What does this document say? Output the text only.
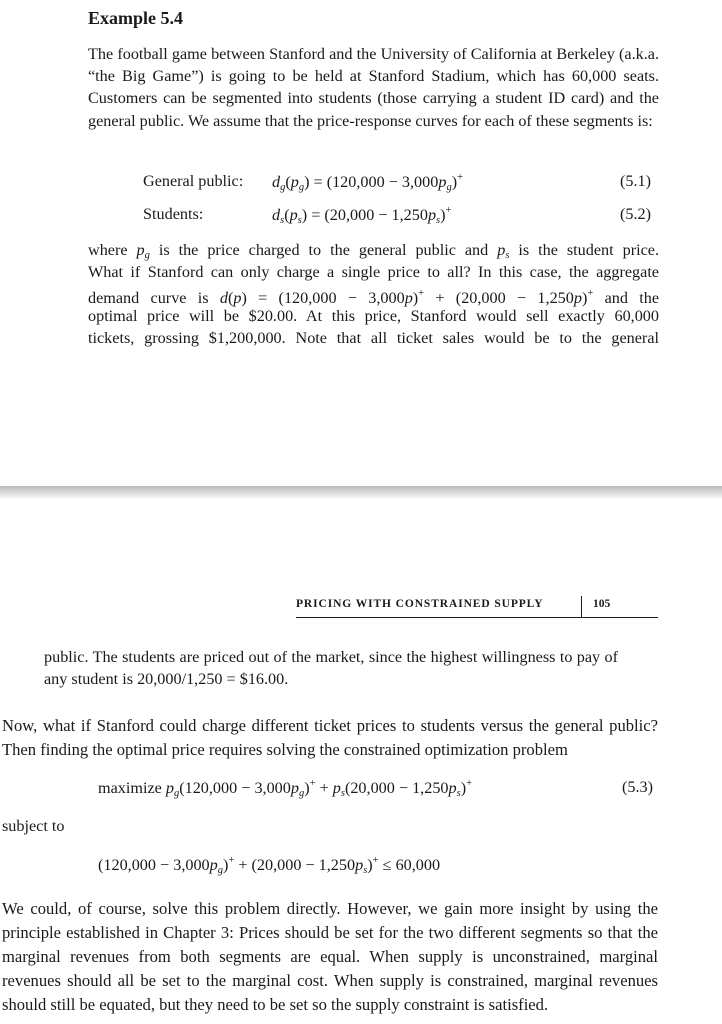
Example 5.4
The football game between Stanford and the University of California at Berkeley (a.k.a. “the Big Game”) is going to be held at Stanford Stadium, which has 60,000 seats. Customers can be segmented into students (those carrying a student ID card) and the general public. We assume that the price-response curves for each of these segments is:
General public: $d_g(p_g) = (120,000 - 3,000p_g)^+$	(5.1)
Students:	$d_s(p_s) = (20,000 - 1,250p_s)^+$	(5.2)
where $p_g$ is the price charged to the general public and $p_s$ is the student price.
What if Stanford can only charge a single price to all? In this case, the aggregate
demand curve is d(p) = (120,000 − 3,000p)+ + (20,000 − 1,250p)+ and the
optimal price will be $20.00. At this price, Stanford would sell exactly 60,000
tickets, grossing $1,200,000. Note that all ticket sales would be to the general
PRICING WITH CONSTRAINED SUPPLY	105
public. The students are priced out of the market, since the highest willingness to pay of any student is 20,000/1,250 = $16.00.
Now, what if Stanford could charge different ticket prices to students versus the general public? Then finding the optimal price requires solving the constrained optimization problem
maximize $p_g(120,000 - 3,000p_g)^+ + p_s(20,000 - 1,250p_s)^+$	(5.3)
subject to
$(120,000 - 3,000p_g)^+ + (20,000 - 1,250p_s)^+ \le 60,000$
We could, of course, solve this problem directly. However, we gain more insight by using the principle established in Chapter 3: Prices should be set for the two different segments so that the marginal revenues from both segments are equal. When supply is unconstrained, marginal revenues should all be set to the marginal cost. When supply is constrained, marginal revenues should still be equated, but they need to be set so the supply constraint is satisfied.
